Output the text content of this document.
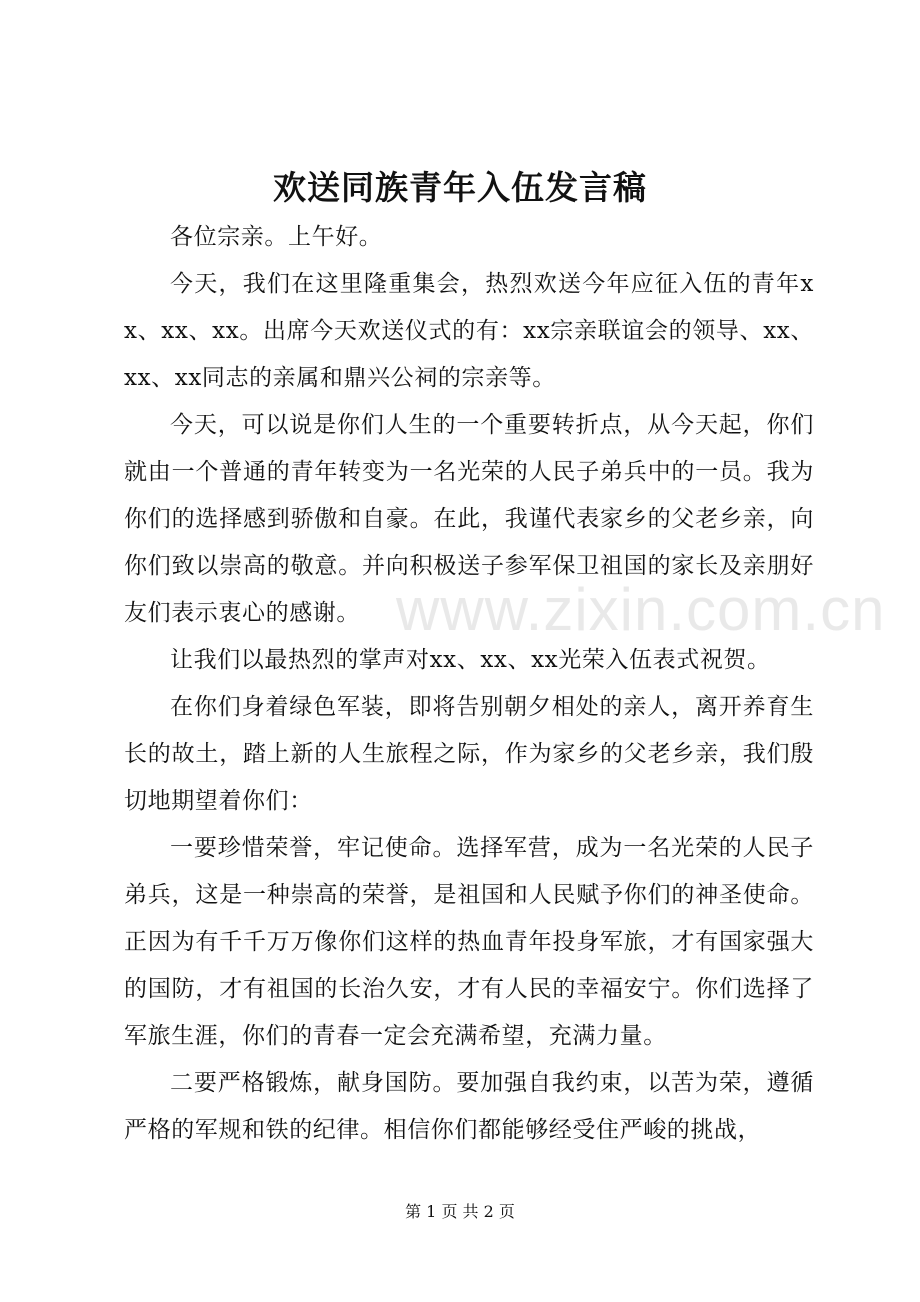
欢送同族青年入伍发言稿

各位宗亲。上午好。

今天，我们在这里隆重集会，热烈欢送今年应征入伍的青年xx、xx、xx。出席今天欢送仪式的有：xx宗亲联谊会的领导、xx、xx、xx同志的亲属和鼎兴公祠的宗亲等。

今天，可以说是你们人生的一个重要转折点，从今天起，你们就由一个普通的青年转变为一名光荣的人民子弟兵中的一员。我为你们的选择感到骄傲和自豪。在此，我谨代表家乡的父老乡亲，向你们致以崇高的敬意。并向积极送子参军保卫祖国的家长及亲朋好友们表示衷心的感谢。

让我们以最热烈的掌声对xx、xx、xx光荣入伍表式祝贺。

在你们身着绿色军装，即将告别朝夕相处的亲人，离开养育生长的故土，踏上新的人生旅程之际，作为家乡的父老乡亲，我们殷切地期望着你们：

一要珍惜荣誉，牢记使命。选择军营，成为一名光荣的人民子弟兵，这是一种崇高的荣誉，是祖国和人民赋予你们的神圣使命。正因为有千千万万像你们这样的热血青年投身军旅，才有国家强大的国防，才有祖国的长治久安，才有人民的幸福安宁。你们选择了军旅生涯，你们的青春一定会充满希望，充满力量。

二要严格锻炼，献身国防。要加强自我约束，以苦为荣，遵循严格的军规和铁的纪律。相信你们都能够经受住严峻的挑战，

www.zixin.com.cn
第 1 页 共 2 页
